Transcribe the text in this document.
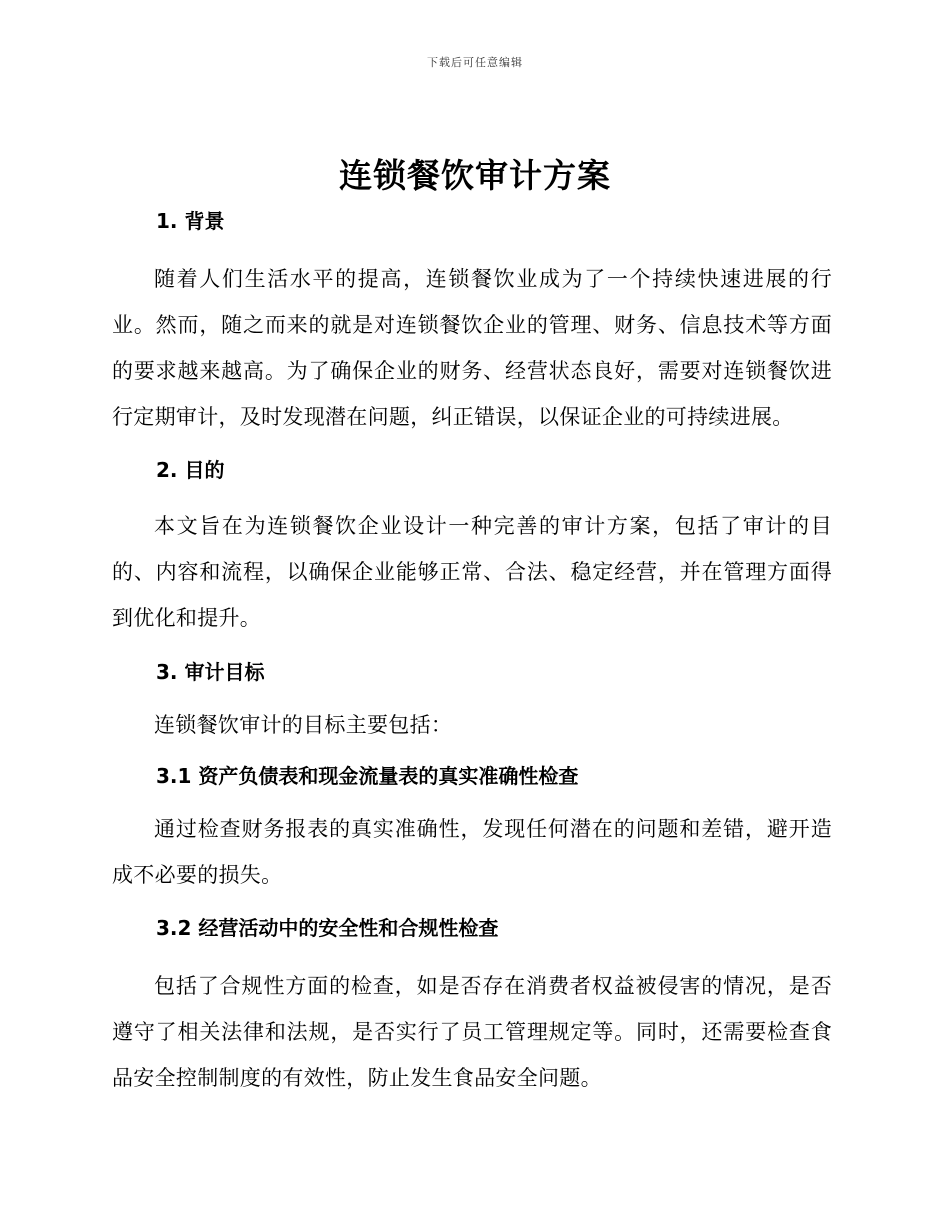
下载后可任意编辑
连锁餐饮审计方案

1. 背景

随着人们生活水平的提高，连锁餐饮业成为了一个持续快速进展的行业。然而，随之而来的就是对连锁餐饮企业的管理、财务、信息技术等方面的要求越来越高。为了确保企业的财务、经营状态良好，需要对连锁餐饮进行定期审计，及时发现潜在问题，纠正错误，以保证企业的可持续进展。

2. 目的

本文旨在为连锁餐饮企业设计一种完善的审计方案，包括了审计的目的、内容和流程，以确保企业能够正常、合法、稳定经营，并在管理方面得到优化和提升。

3. 审计目标

连锁餐饮审计的目标主要包括：

3.1 资产负债表和现金流量表的真实准确性检查

通过检查财务报表的真实准确性，发现任何潜在的问题和差错，避开造成不必要的损失。

3.2 经营活动中的安全性和合规性检查

包括了合规性方面的检查，如是否存在消费者权益被侵害的情况，是否遵守了相关法律和法规，是否实行了员工管理规定等。同时，还需要检查食品安全控制制度的有效性，防止发生食品安全问题。
